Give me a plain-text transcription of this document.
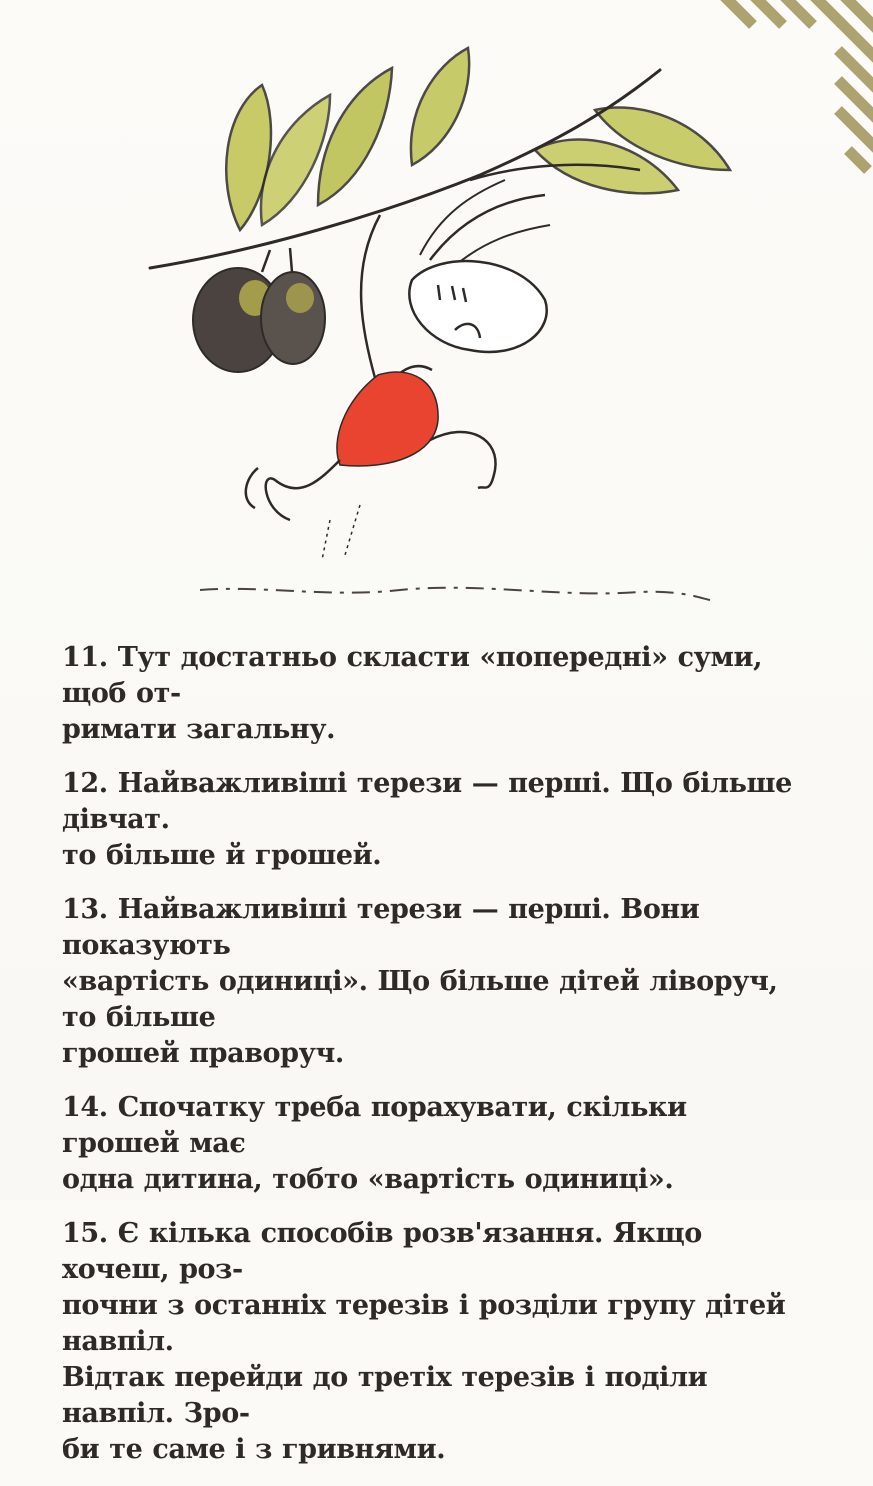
11. Тут достатньо скласти «попередні» суми, щоб от-
римати загальну.
12. Найважливіші терези — перші. Що більше дівчат.
то більше й грошей.
13. Найважливіші терези — перші. Вони показують
«вартість одиниці». Що більше дітей ліворуч, то більше
грошей праворуч.
14. Спочатку треба порахувати, скільки грошей має
одна дитина, тобто «вартість одиниці».
15. Є кілька способів розв'язання. Якщо хочеш, роз-
почни з останніх терезів і розділи групу дітей навпіл.
Відтак перейди до третіх терезів і поділи навпіл. Зро-
би те саме і з гривнями.
